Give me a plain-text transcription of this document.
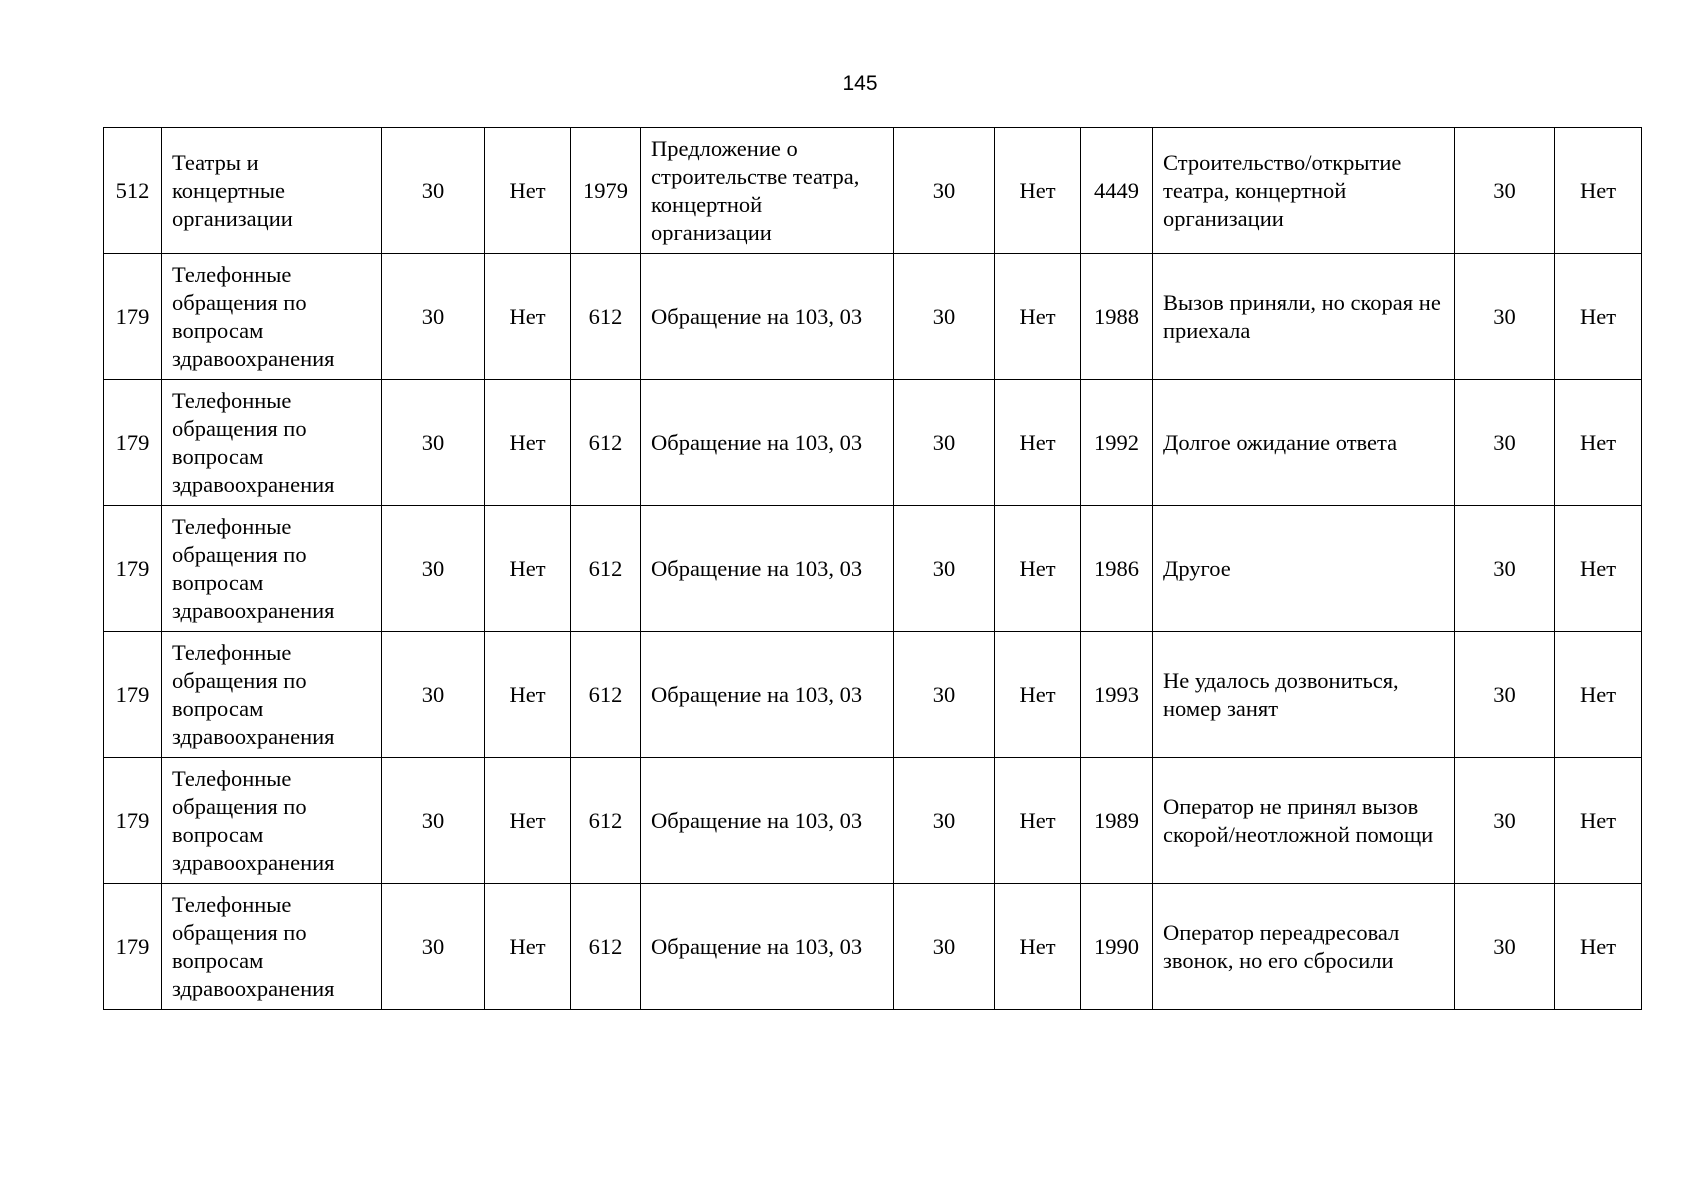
145
512	Театры и концертные организации	30	Нет	1979	Предложение о строительстве театра, концертной организации	30	Нет	4449	Строительство/открытие театра, концертной организации	30	Нет
179	Телефонные обращения по вопросам здравоохранения	30	Нет	612	Обращение на 103, 03	30	Нет	1988	Вызов приняли, но скорая не приехала	30	Нет
179	Телефонные обращения по вопросам здравоохранения	30	Нет	612	Обращение на 103, 03	30	Нет	1992	Долгое ожидание ответа	30	Нет
179	Телефонные обращения по вопросам здравоохранения	30	Нет	612	Обращение на 103, 03	30	Нет	1986	Другое	30	Нет
179	Телефонные обращения по вопросам здравоохранения	30	Нет	612	Обращение на 103, 03	30	Нет	1993	Не удалось дозвониться, номер занят	30	Нет
179	Телефонные обращения по вопросам здравоохранения	30	Нет	612	Обращение на 103, 03	30	Нет	1989	Оператор не принял вызов скорой/неотложной помощи	30	Нет
179	Телефонные обращения по вопросам здравоохранения	30	Нет	612	Обращение на 103, 03	30	Нет	1990	Оператор переадресовал звонок, но его сбросили	30	Нет
